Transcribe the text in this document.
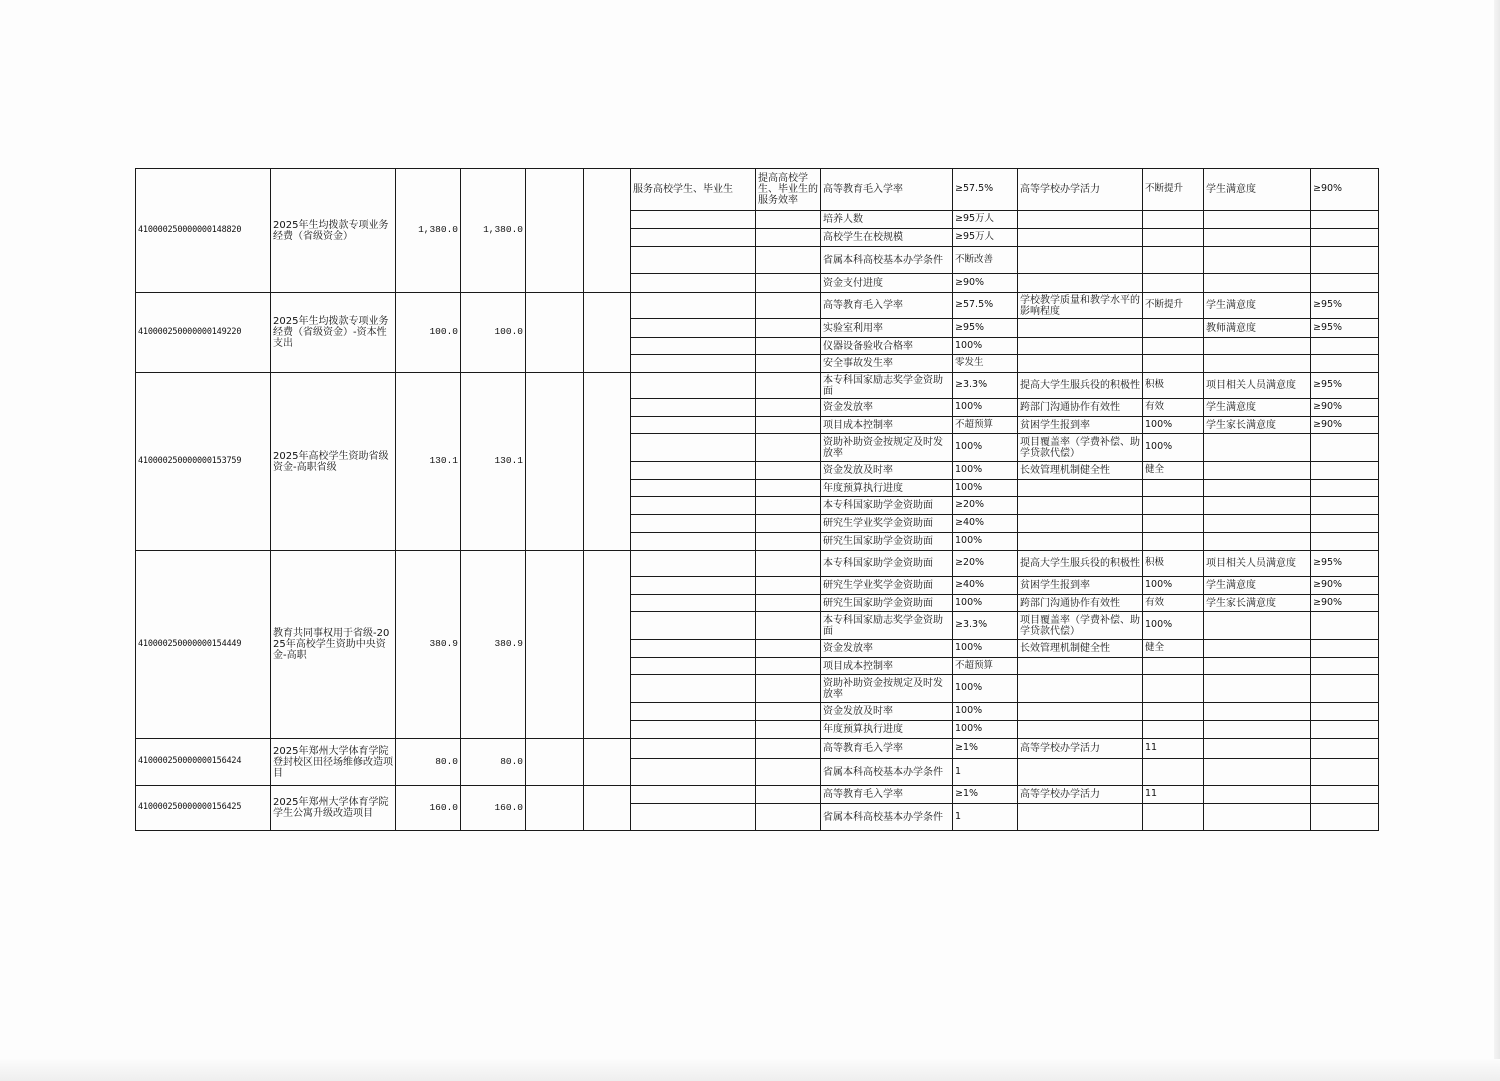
410000250000000148820	2025年生均拨款专项业务经费（省级资金）	1,380.0	1,380.0			服务高校学生、毕业生	提高高校学生、毕业生的服务效率	高等教育毛入学率	≥57.5%	高等学校办学活力	不断提升	学生满意度	≥90%
								培养人数	≥95万人				
								高校学生在校规模	≥95万人				
								省属本科高校基本办学条件	不断改善				
								资金支付进度	≥90%				
410000250000000149220	2025年生均拨款专项业务经费（省级资金）-资本性支出	100.0	100.0					高等教育毛入学率	≥57.5%	学校教学质量和教学水平的影响程度	不断提升	学生满意度	≥95%
								实验室利用率	≥95%			教师满意度	≥95%
								仪器设备验收合格率	100%				
								安全事故发生率	零发生				
410000250000000153759	2025年高校学生资助省级资金-高职省级	130.1	130.1					本专科国家励志奖学金资助面	≥3.3%	提高大学生服兵役的积极性	积极	项目相关人员满意度	≥95%
								资金发放率	100%	跨部门沟通协作有效性	有效	学生满意度	≥90%
								项目成本控制率	不超预算	贫困学生报到率	100%	学生家长满意度	≥90%
								资助补助资金按规定及时发放率	100%	项目覆盖率（学费补偿、助学贷款代偿）	100%		
								资金发放及时率	100%	长效管理机制健全性	健全		
								年度预算执行进度	100%				
								本专科国家助学金资助面	≥20%				
								研究生学业奖学金资助面	≥40%				
								研究生国家助学金资助面	100%				
410000250000000154449	教育共同事权用于省级-2025年高校学生资助中央资金-高职	380.9	380.9					本专科国家助学金资助面	≥20%	提高大学生服兵役的积极性	积极	项目相关人员满意度	≥95%
								研究生学业奖学金资助面	≥40%	贫困学生报到率	100%	学生满意度	≥90%
								研究生国家助学金资助面	100%	跨部门沟通协作有效性	有效	学生家长满意度	≥90%
								本专科国家励志奖学金资助面	≥3.3%	项目覆盖率（学费补偿、助学贷款代偿）	100%		
								资金发放率	100%	长效管理机制健全性	健全		
								项目成本控制率	不超预算				
								资助补助资金按规定及时发放率	100%				
								资金发放及时率	100%				
								年度预算执行进度	100%				
410000250000000156424	2025年郑州大学体育学院登封校区田径场维修改造项目	80.0	80.0					高等教育毛入学率	≥1%	高等学校办学活力	11		
								省属本科高校基本办学条件	1				
410000250000000156425	2025年郑州大学体育学院学生公寓升级改造项目	160.0	160.0					高等教育毛入学率	≥1%	高等学校办学活力	11		
								省属本科高校基本办学条件	1				
